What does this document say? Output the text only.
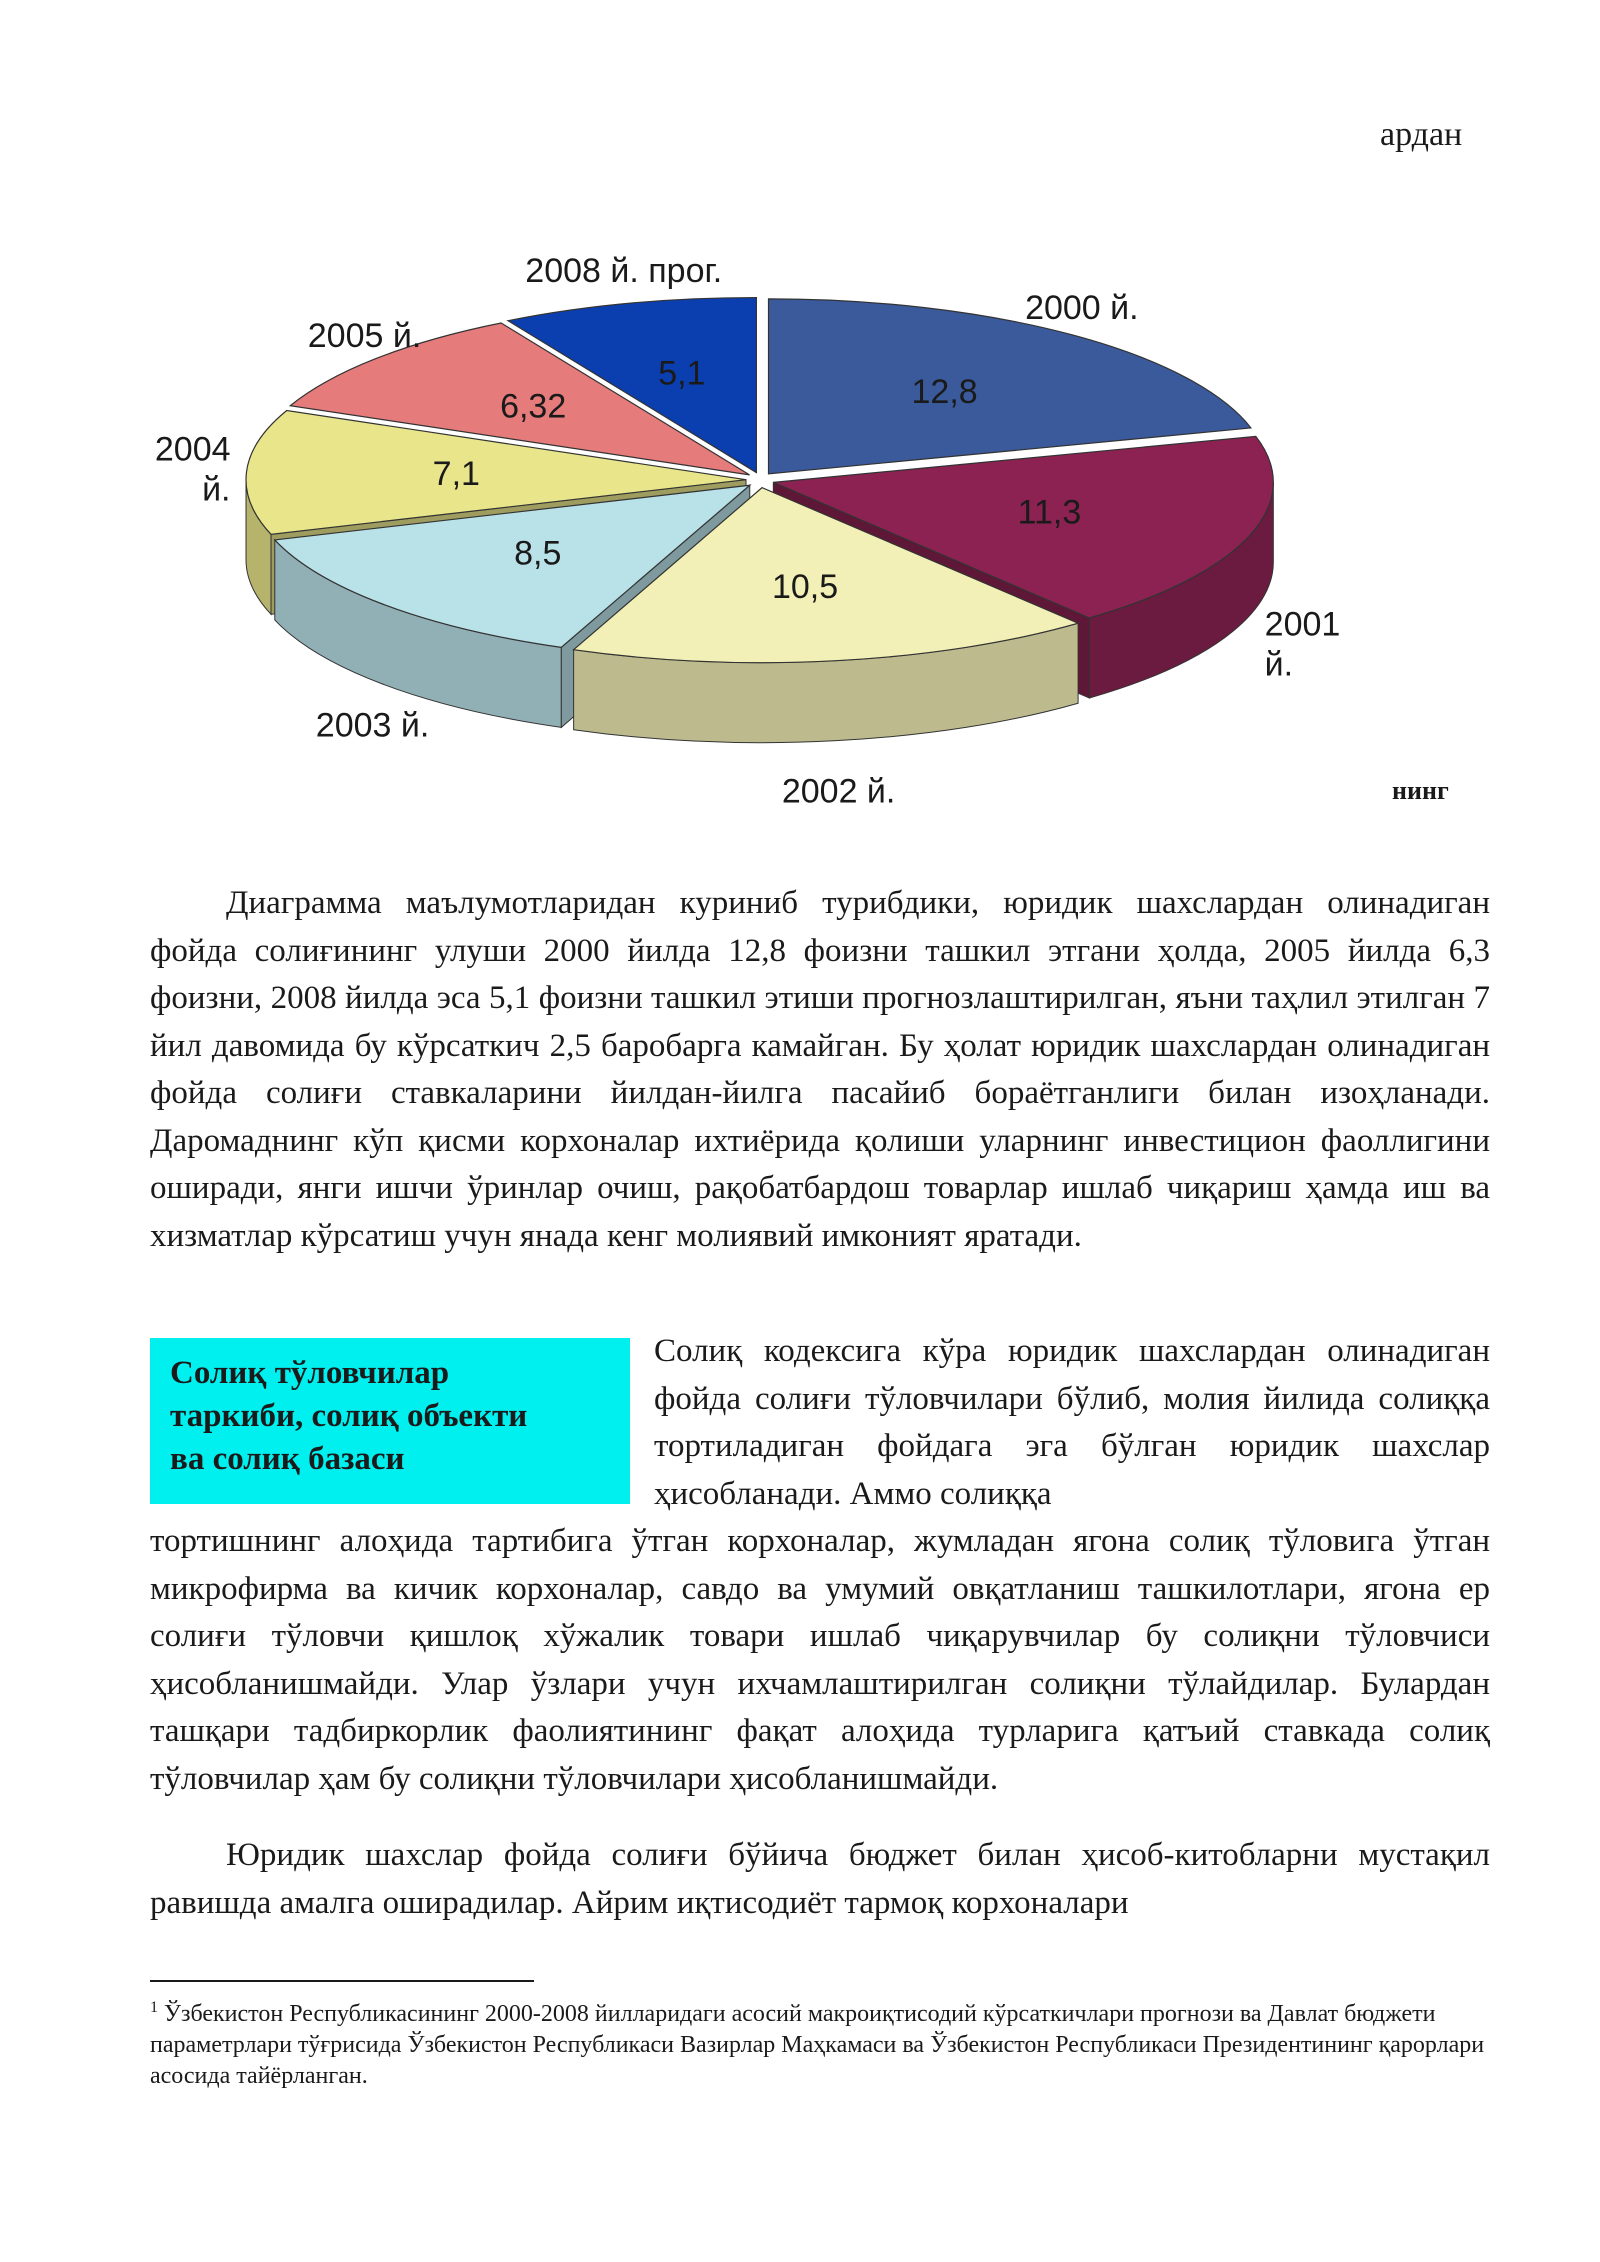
ардан
12,8
11,3
10,5
8,5
7,1
6,32
5,1
2000 й.
2001 й.
2002 й.
2003 й.
2004 й.
2005 й.
2008 й. прог.
нинг

Диаграмма маълумотларидан куриниб турибдики, юридик шахслардан олинадиган фойда солиғининг улуши 2000 йилда 12,8 фоизни ташкил этгани ҳолда, 2005 йилда 6,3 фоизни, 2008 йилда эса 5,1 фоизни ташкил этиши прогнозлаштирилган, яъни таҳлил этилган 7 йил давомида бу кўрсаткич 2,5 баробарга камайган. Бу ҳолат юридик шахслардан олинадиган фойда солиғи ставкаларини йилдан-йилга пасайиб бораётганлиги билан изоҳланади. Даромаднинг кўп қисми корхоналар ихтиёрида қолиши уларнинг инвестицион фаоллигини оширади, янги ишчи ўринлар очиш, рақобатбардош товарлар ишлаб чиқариш ҳамда иш ва хизматлар кўрсатиш учун янада кенг молиявий имконият яратади.

Солиқ тўловчилар
таркиби, солиқ объекти
ва солиқ базаси

Солиқ кодексига кўра юридик шахслардан олинадиган фойда солиғи тўловчилари бўлиб, молия йилида солиққа тортиладиган фойдага эга бўлган юридик шахслар ҳисобланади. Аммо солиққа

тортишнинг алоҳида тартибига ўтган корхоналар, жумладан ягона солиқ тўловига ўтган микрофирма ва кичик корхоналар, савдо ва умумий овқатланиш ташкилотлари, ягона ер солиғи тўловчи қишлоқ хўжалик товари ишлаб чиқарувчилар бу солиқни тўловчиси ҳисобланишмайди. Улар ўзлари учун ихчамлаштирилган солиқни тўлайдилар. Булардан ташқари тадбиркорлик фаолиятининг фақат алоҳида турларига қатъий ставкада солиқ тўловчилар ҳам бу солиқни тўловчилари ҳисобланишмайди.

Юридик шахслар фойда солиғи бўйича бюджет билан ҳисоб-китобларни мустақил равишда амалга оширадилар. Айрим иқтисодиёт тармоқ корхоналари

$^1$ Ўзбекистон Республикасининг 2000-2008 йилларидаги асосий макроиқтисодий кўрсаткичлари прогнози ва Давлат бюджети параметрлари тўғрисида Ўзбекистон Республикаси Вазирлар Маҳкамаси ва Ўзбекистон Республикаси Президентининг қарорлари асосида тайёрланган.
